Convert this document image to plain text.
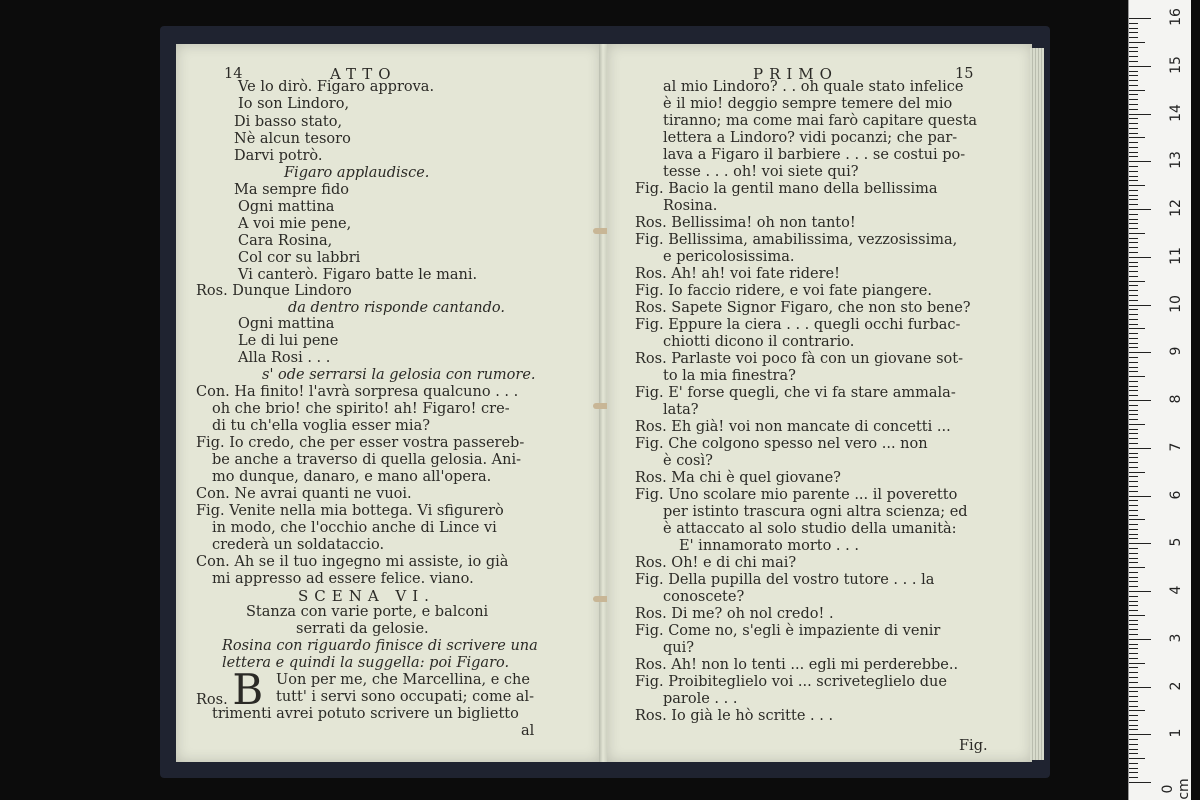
14	ATTO
Ve lo dirò. Figaro approva.
Io son Lindoro,
Di basso stato,
Nè alcun tesoro
Darvi potrò.
Figaro applaudisce.
Ma sempre fido
Ogni mattina
A voi mie pene,
Cara Rosina,
Col cor su labbri
Vi canterò. Figaro batte le mani.
Ros. Dunque Lindoro
da dentro risponde cantando.
Ogni mattina
Le di lui pene
Alla Rosi . . .
s' ode serrarsi la gelosia con rumore.
Con. Ha finito! l'avrà sorpresa qualcuno . . .
oh che brio! che spirito! ah! Figaro! cre-
di tu ch'ella voglia esser mia?
Fig. Io credo, che per esser vostra passereb-
be anche a traverso di quella gelosia. Ani-
mo dunque, danaro, e mano all'opera.
Con. Ne avrai quanti ne vuoi.
Fig. Venite nella mia bottega. Vi sfigurerò
in modo, che l'occhio anche di Lince vi
crederà un soldataccio.
Con. Ah se il tuo ingegno mi assiste, io già
mi appresso ad essere felice. viano.
SCENA VI.
Stanza con varie porte, e balconi
serrati da gelosie.
Rosina con riguardo finisce di scrivere una
lettera e quindi la suggella: poi Figaro.
Ros. B Uon per me, che Marcellina, e che
tutt' i servi sono occupati; come al-
trimenti avrei potuto scrivere un biglietto
al
PRIMO	15
al mio Lindoro? . . oh quale stato infelice
è il mio! deggio sempre temere del mio
tiranno; ma come mai farò capitare questa
lettera a Lindoro? vidi pocanzi; che par-
lava a Figaro il barbiere . . . se costui po-
tesse . . . oh! voi siete qui?
Fig. Bacio la gentil mano della bellissima
Rosina.
Ros. Bellissima! oh non tanto!
Fig. Bellissima, amabilissima, vezzosissima,
e pericolosissima.
Ros. Ah! ah! voi fate ridere!
Fig. Io faccio ridere, e voi fate piangere.
Ros. Sapete Signor Figaro, che non sto bene?
Fig. Eppure la ciera . . . quegli occhi furbac-
chiotti dicono il contrario.
Ros. Parlaste voi poco fà con un giovane sot-
to la mia finestra?
Fig. E' forse quegli, che vi fa stare ammala-
lata?
Ros. Eh già! voi non mancate di concetti ...
Fig. Che colgono spesso nel vero ... non
è così?
Ros. Ma chi è quel giovane?
Fig. Uno scolare mio parente ... il poveretto
per istinto trascura ogni altra scienza; ed
è attaccato al solo studio della umanità:
E' innamorato morto . . .
Ros. Oh! e di chi mai?
Fig. Della pupilla del vostro tutore . . . la
conoscete?
Ros. Di me? oh nol credo! .
Fig. Come no, s'egli è impaziente di venir
qui?
Ros. Ah! non lo tenti ... egli mi perderebbe..
Fig. Proibiteglielo voi ... scriveteglielo due
parole . . .
Ros. Io già le hò scritte . . .
Fig.
0 cm
1
2
3
4
5
6
7
8
9
10
11
12
13
14
15
16
